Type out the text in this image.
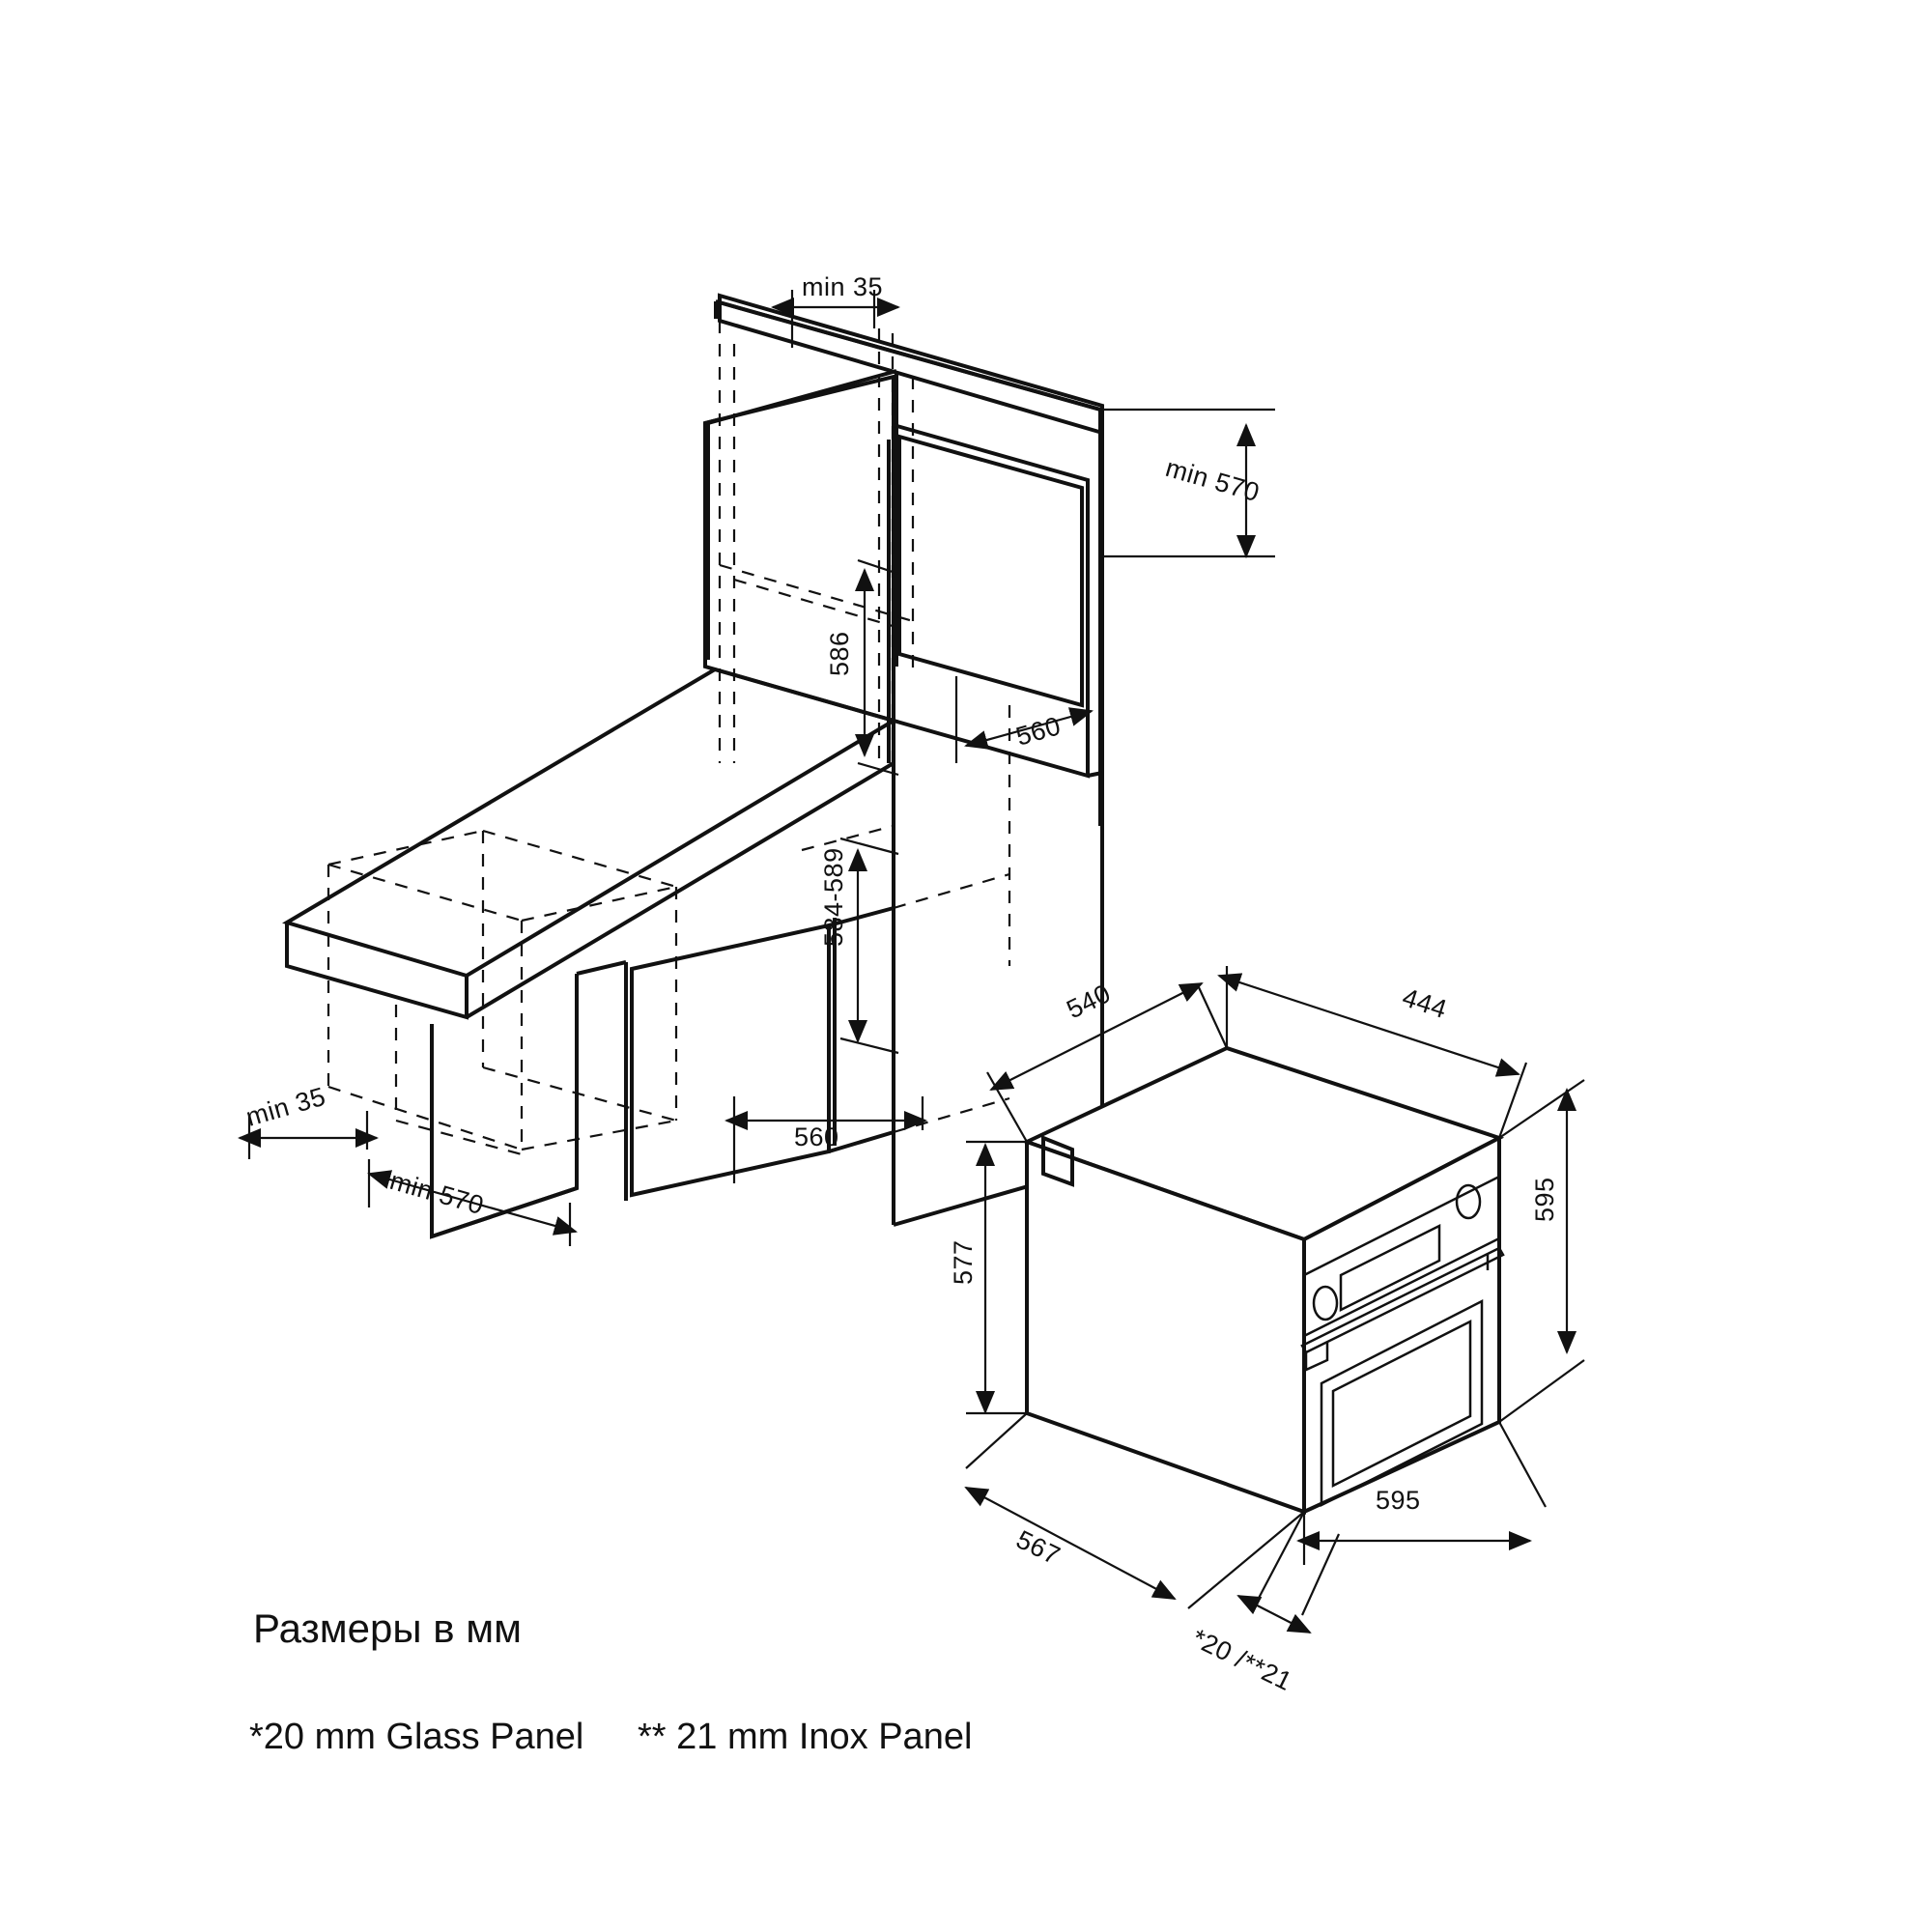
min 35
min 570
586
560
584-589
560
min 35
min 570
540	444
595
577
595
567
*20 /**21
Размеры в мм
*20 mm Glass Panel ** 21 mm Inox Panel
